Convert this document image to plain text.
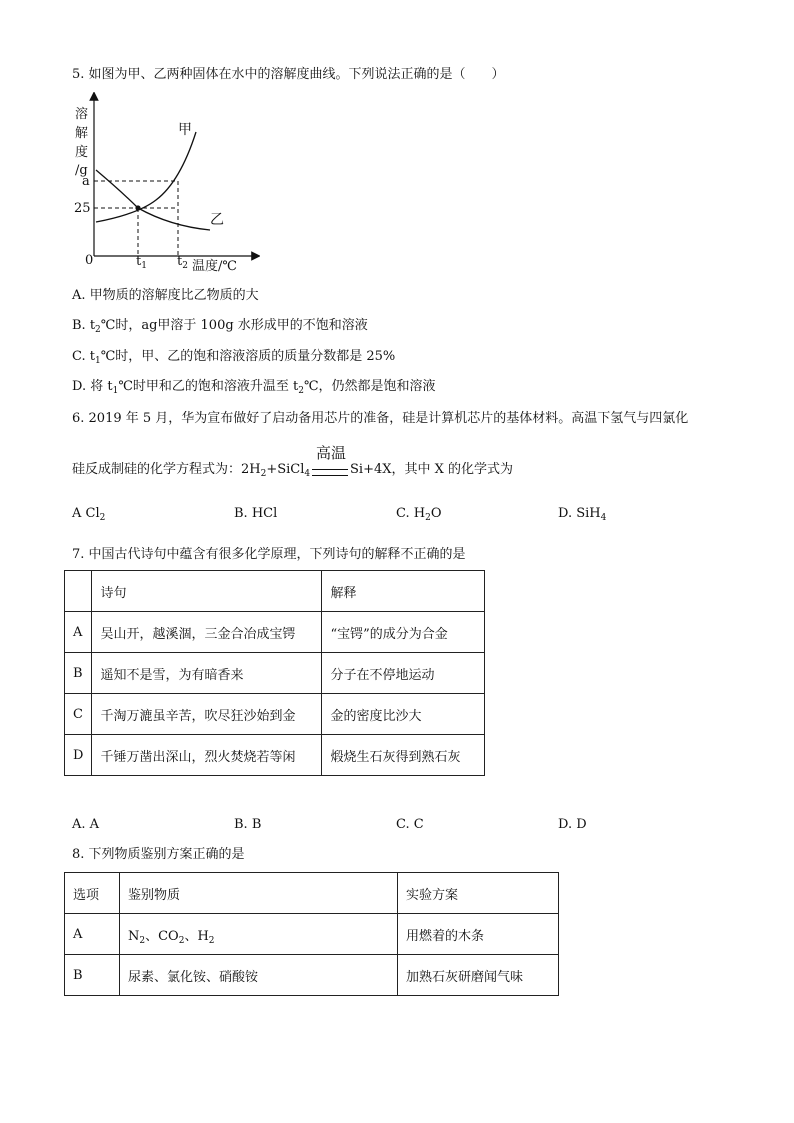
5. 如图为甲、乙两种固体在水中的溶解度曲线。下列说法正确的是（　　）
溶
解
度
/g
a
25
0	$t_1$ $t_2$ 温度/℃
甲
乙
A. 甲物质的溶解度比乙物质的大
B. $t_2℃$时，ag甲溶于 100g 水形成甲的不饱和溶液
C. $t_1℃$时，甲、乙的饱和溶液溶质的质量分数都是 25%
D. 将 $t_1℃$时甲和乙的饱和溶液升温至 $t_2℃$，仍然都是饱和溶液
6. 2019 年 5 月，华为宣布做好了启动备用芯片的准备，硅是计算机芯片的基体材料。高温下氢气与四氯化
硅反成制硅的化学方程式为：$2H_2+SiCl_4$
高温
Si+4X，其中 X 的化学式为
A $Cl_2$	B. HCl	C. $H_2O$	D. SiH$_4$
7. 中国古代诗句中蕴含有很多化学原理，下列诗句的解释不正确的是
	诗句	解释
A	吴山开，越溪涸，三金合冶成宝锷	“宝锷”的成分为合金
B	遥知不是雪，为有暗香来	分子在不停地运动
C	千淘万漉虽辛苦，吹尽狂沙始到金	金的密度比沙大
D	千锤万凿出深山，烈火焚烧若等闲	煅烧生石灰得到熟石灰
A. A	B. B	C. C	D. D
8. 下列物质鉴别方案正确的是
选项	鉴别物质	实验方案
A	$N_2$、$CO_2$、$H_2$	用燃着的木条
B	尿素、氯化铵、硝酸铵	加熟石灰研磨闻气味
